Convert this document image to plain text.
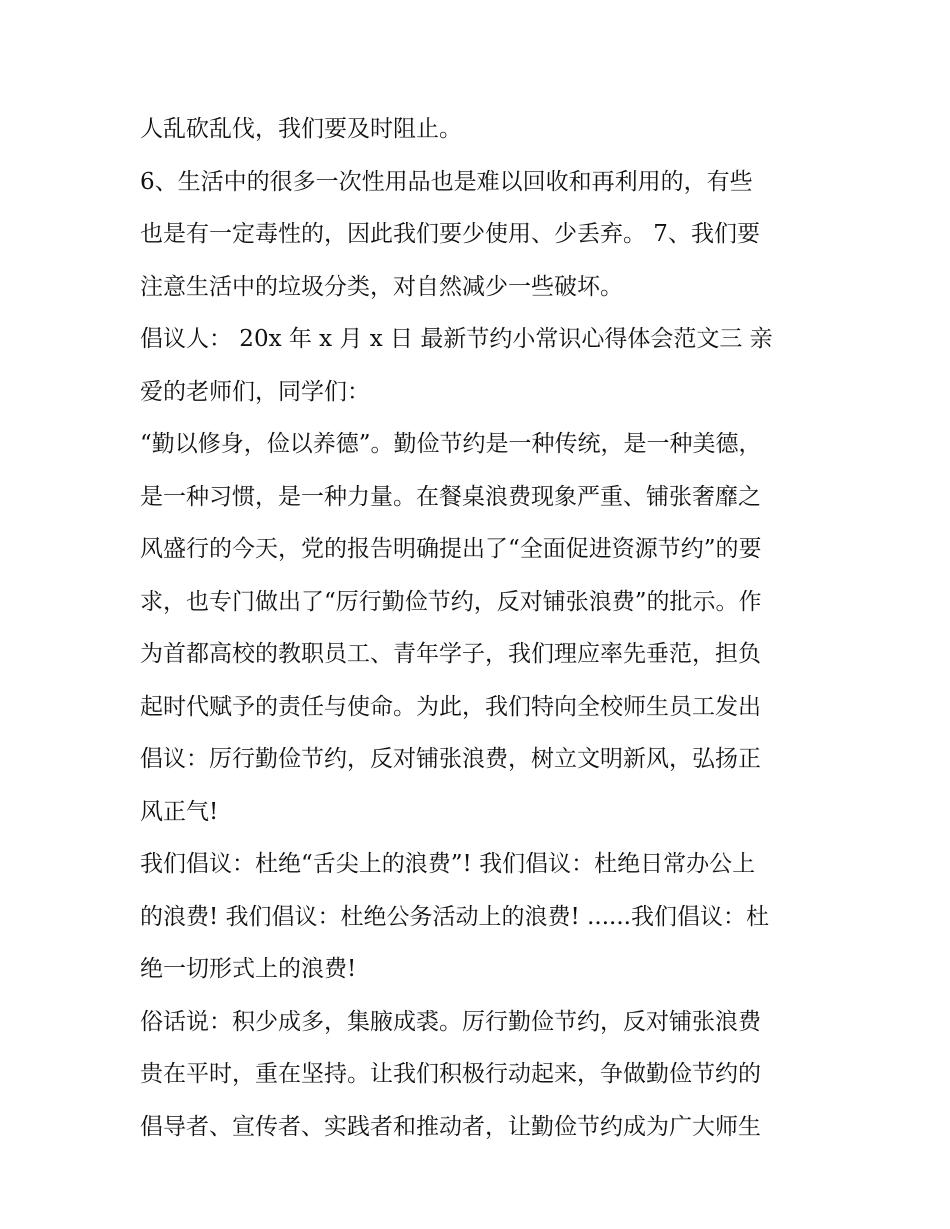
人乱砍乱伐，我们要及时阻止。
6、生活中的很多一次性用品也是难以回收和再利用的，有些
也是有一定毒性的，因此我们要少使用、少丢弃。 7、我们要
注意生活中的垃圾分类，对自然减少一些破坏。
倡议人： 20x 年 x 月 x 日 最新节约小常识心得体会范文三 亲
爱的老师们，同学们：
“勤以修身，俭以养德”。勤俭节约是一种传统，是一种美德，
是一种习惯，是一种力量。在餐桌浪费现象严重、铺张奢靡之
风盛行的今天，党的报告明确提出了“全面促进资源节约”的要
求，也专门做出了“厉行勤俭节约，反对铺张浪费”的批示。作
为首都高校的教职员工、青年学子，我们理应率先垂范，担负
起时代赋予的责任与使命。为此，我们特向全校师生员工发出
倡议：厉行勤俭节约，反对铺张浪费，树立文明新风，弘扬正
风正气!
我们倡议：杜绝“舌尖上的浪费”! 我们倡议：杜绝日常办公上
的浪费! 我们倡议：杜绝公务活动上的浪费! ......我们倡议：杜
绝一切形式上的浪费!
俗话说：积少成多，集腋成裘。厉行勤俭节约，反对铺张浪费
贵在平时，重在坚持。让我们积极行动起来，争做勤俭节约的
倡导者、宣传者、实践者和推动者，让勤俭节约成为广大师生
